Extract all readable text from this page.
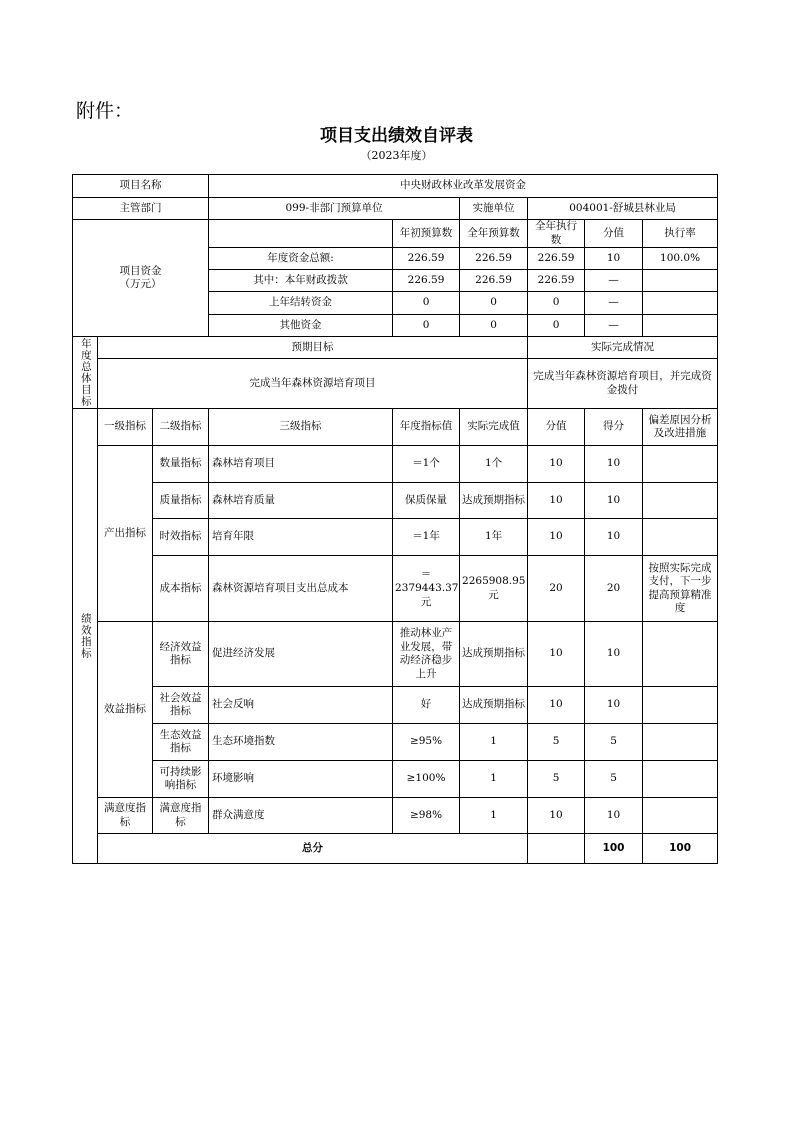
附件：
项目支出绩效自评表
（2023年度）
项目名称			中央财政林业改革发展资金						
主管部门			099-非部门预算单位		实施单位	004001-舒城县林业局			
项目资金
（万元）				年初预算数	全年预算数	全年执行数	分值	执行率	
			年度资金总额:	226.59	226.59	226.59	10	100.0%	
			其中：本年财政拨款	226.59	226.59	226.59	—		
			上年结转资金	0	0	0	—		
			其他资金	0	0	0	—		
年度总体目标	预期目标					实际完成情况			
	完成当年森林资源培育项目					完成当年森林资源培育项目，并完成资金拨付			
绩效指标	一级指标	二级指标	三级指标	年度指标值	实际完成值	分值	得分	偏差原因分析及改进措施	
	产出指标	数量指标	森林培育项目	＝1个	1个	10	10		
		质量指标	森林培育质量	保质保量	达成预期指标	10	10		
		时效指标	培育年限	＝1年	1年	10	10		
		成本指标	森林资源培育项目支出总成本	＝2379443.37元	2265908.95元	20	20	按照实际完成支付，下一步提高预算精准度	
	效益指标	经济效益指标	促进经济发展	推动林业产业发展，带动经济稳步上升	达成预期指标	10	10		
		社会效益指标	社会反响	好	达成预期指标	10	10		
		生态效益指标	生态环境指数	≥95%	1	5	5		
		可持续影响指标	环境影响	≥100%	1	5	5		
	满意度指标	满意度指标	群众满意度	≥98%	1	10	10		
	总分						100	100	
